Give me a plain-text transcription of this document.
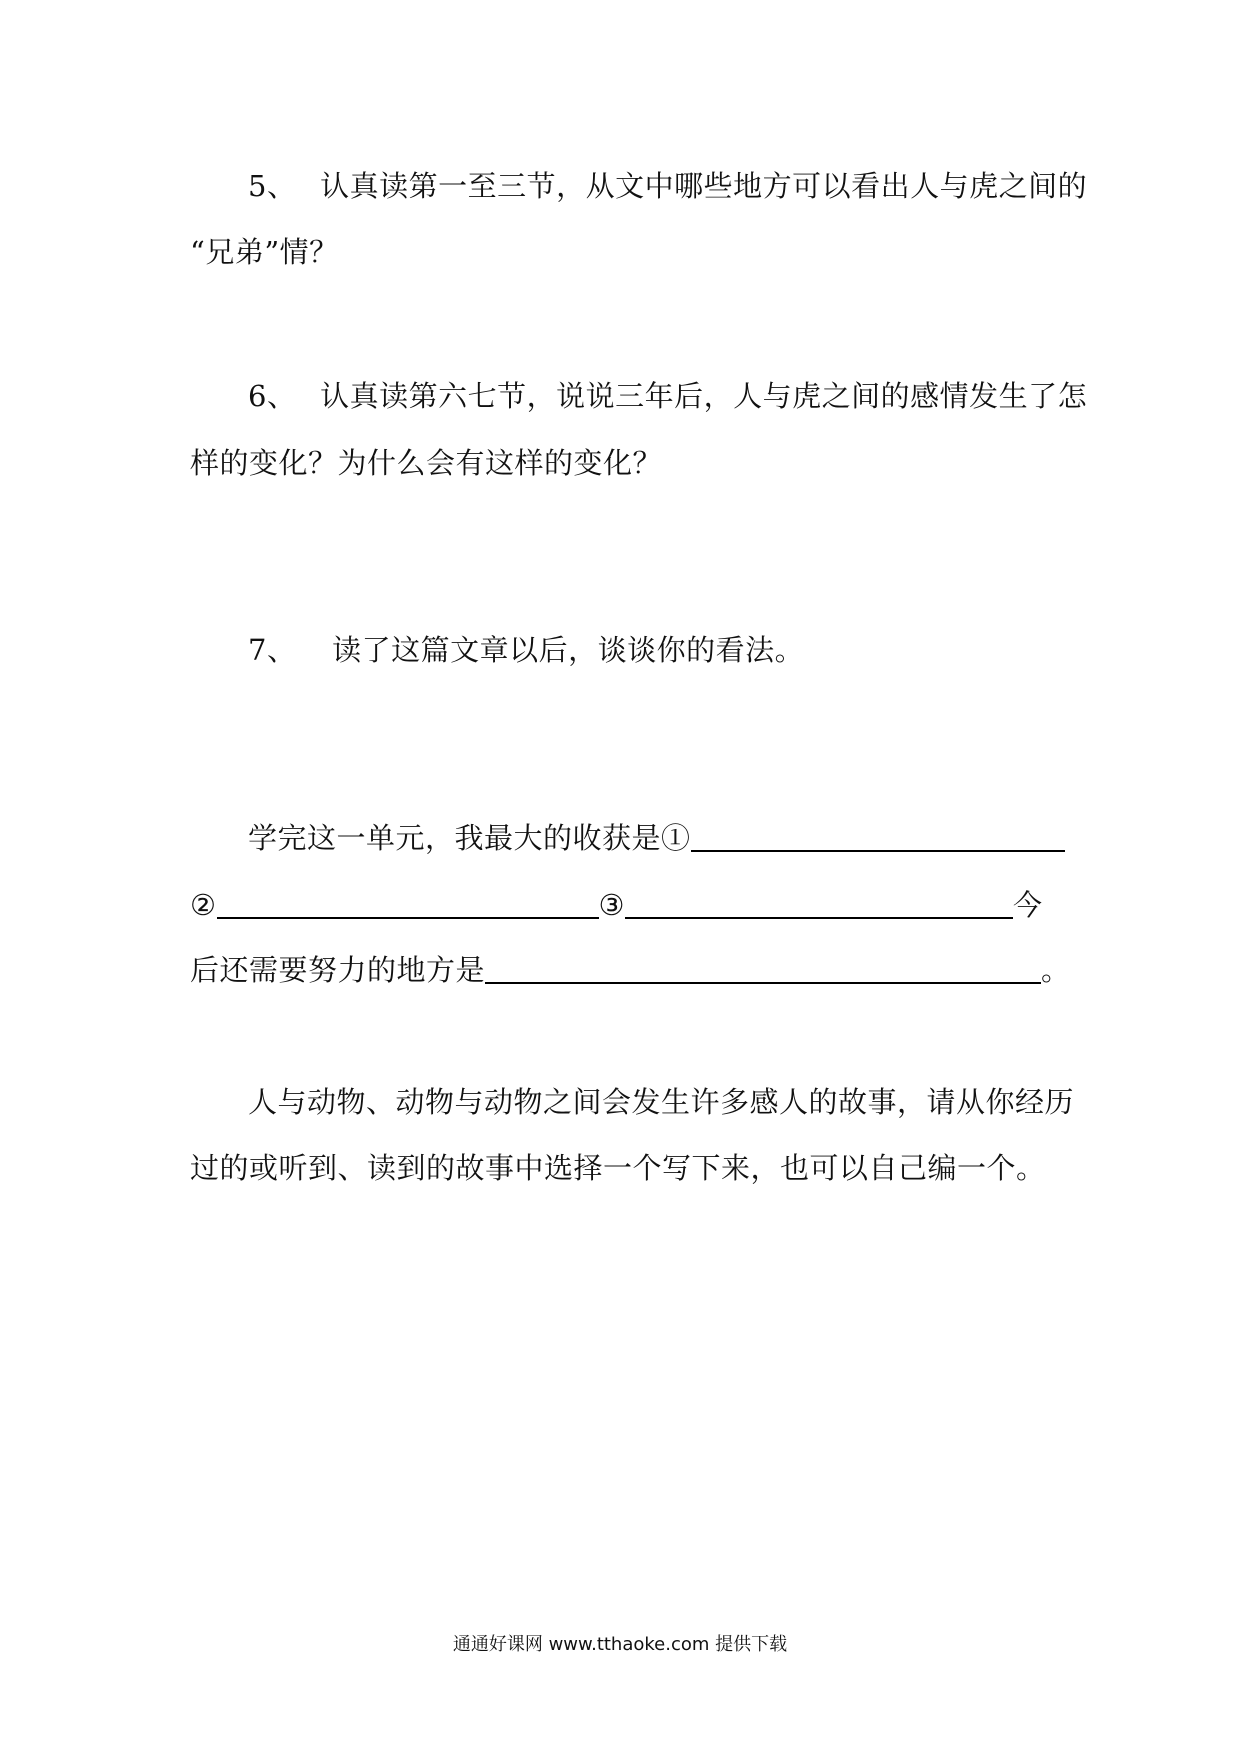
5、 认真读第一至三节，从文中哪些地方可以看出人与虎之间的
“兄弟”情？
6、 认真读第六七节，说说三年后，人与虎之间的感情发生了怎
样的变化？为什么会有这样的变化？
7、 读了这篇文章以后，谈谈你的看法。
学完这一单元，我最大的收获是①
②	③	今
后还需要努力的地方是	。
人与动物、动物与动物之间会发生许多感人的故事，请从你经历
过的或听到、读到的故事中选择一个写下来，也可以自己编一个。
通通好课网 www.tthaoke.com 提供下载
